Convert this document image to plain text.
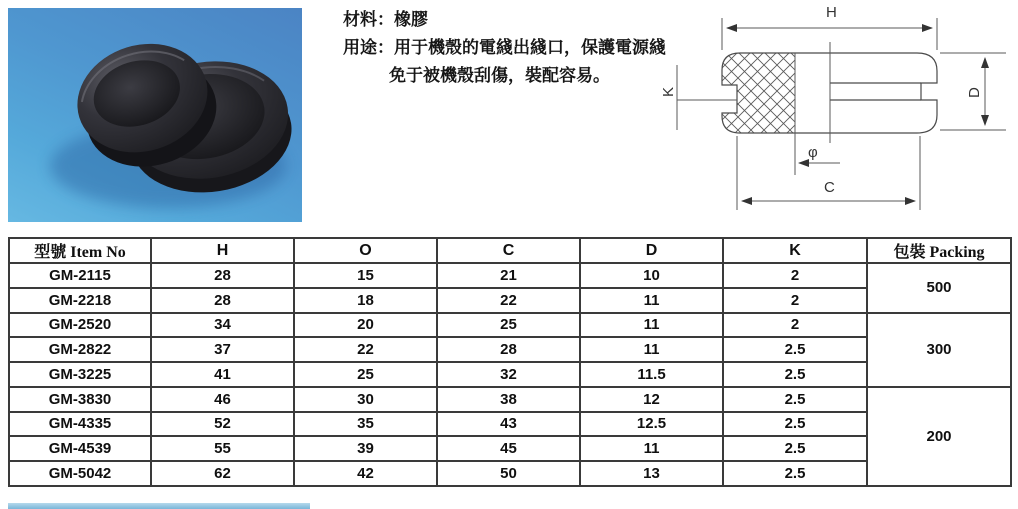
材料：橡膠
用途：用于機殼的電綫出綫口，保護電源綫
免于被機殼刮傷，裝配容易。
H
K	D
φ
C
型號 Item No	H	O	C	D	K	包裝 Packing
GM-2115	28	15	21	10	2	500
GM-2218	28	18	22	11	2	
GM-2520	34	20	25	11	2	300
GM-2822	37	22	28	11	2.5	
GM-3225	41	25	32	11.5	2.5	
GM-3830	46	30	38	12	2.5	200
GM-4335	52	35	43	12.5	2.5	
GM-4539	55	39	45	11	2.5	
GM-5042	62	42	50	13	2.5	
